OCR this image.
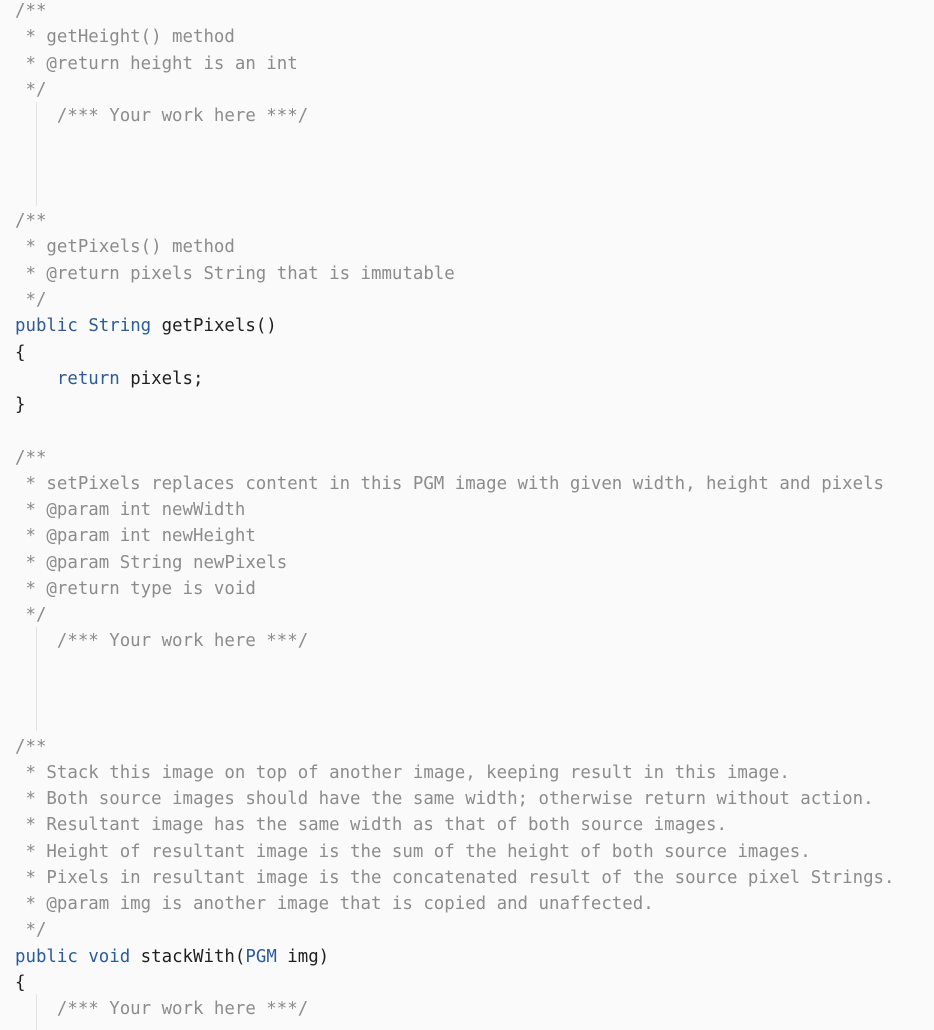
/**
* getHeight() method
* @return height is an int
*/
/*** Your work here ***/
/**
* getPixels() method
* @return pixels String that is immutable
*/
public String getPixels()
{
return pixels;
}
/**
* setPixels replaces content in this PGM image with given width, height and pixels
* @param int newWidth
* @param int newHeight
* @param String newPixels
* @return type is void
*/
/*** Your work here ***/
/**
* Stack this image on top of another image, keeping result in this image.
* Both source images should have the same width; otherwise return without action.
* Resultant image has the same width as that of both source images.
* Height of resultant image is the sum of the height of both source images.
* Pixels in resultant image is the concatenated result of the source pixel Strings.
* @param img is another image that is copied and unaffected.
*/
public void stackWith(PGM img)
{
/*** Your work here ***/
